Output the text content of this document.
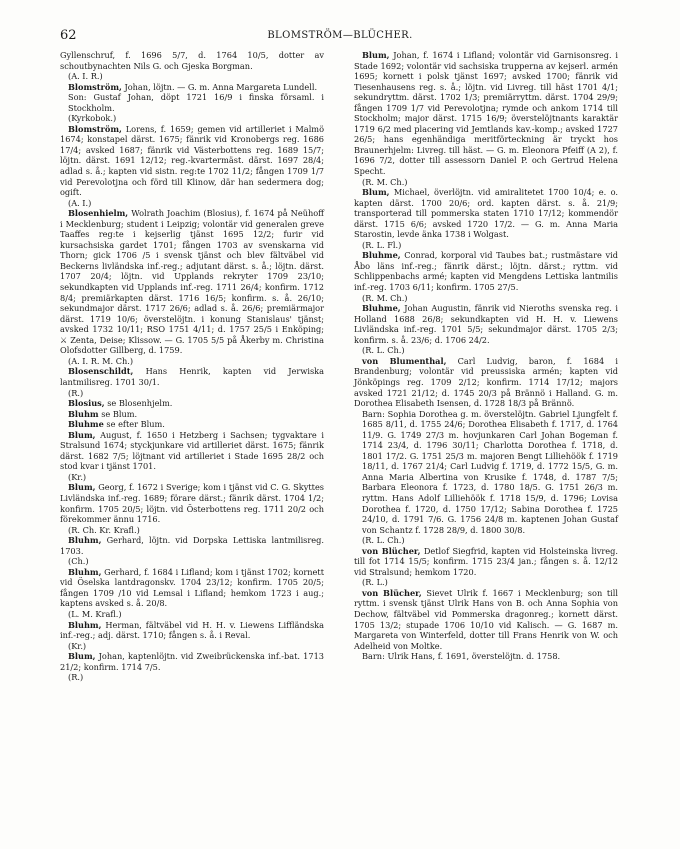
62	BLOMSTRÖM—BLÜCHER.

Gyllenschruf, f. 1696 5/7, d. 1764 10/5, dotter av schoutbynachten Nils G. och Gjeska Borgman.

(A. I. R.)

Blomström, Johan, löjtn. — G. m. Anna Margareta Lundell.

Son: Gustaf Johan, döpt 1721 16/9 i finska församl. i Stockholm.

(Kyrkobok.)

Blomström, Lorens, f. 1659; gemen vid artilleriet i Malmö 1674; konstapel därst. 1675; fänrik vid Kronobergs reg. 1686 17/4; avsked 1687; fänrik vid Västerbottens reg. 1689 15/7; löjtn. därst. 1691 12/12; reg.-kvartermäst. därst. 1697 28/4; adlad s. å.; kapten vid sistn. reg:te 1702 11/2; fången 1709 1/7 vid Perevolotjna och förd till Klinow, där han sedermera dog; ogift.

(A. I.)

Blosenhielm, Wolrath Joachim (Blosius), f. 1674 på Neühoff i Mecklenburg; student i Leipzig; volontär vid generalen greve Taaffes reg:te i kejserlig tjänst 1695 12/2; furir vid kursachsiska gardet 1701; fången 1703 av svenskarna vid Thorn; gick 1706 /5 i svensk tjänst och blev fältväbel vid Beckerns livländska inf.-reg.; adjutant därst. s. å.; löjtn. därst. 1707 20/4; löjtn. vid Upplands rekryter 1709 23/10; sekundkapten vid Upplands inf.-reg. 1711 26/4; konfirm. 1712 8/4; premiärkapten därst. 1716 16/5; konfirm. s. å. 26/10; sekundmajor därst. 1717 26/6; adlad s. å. 26/6; premiärmajor därst. 1719 10/6; överstelöjtn. i konung Stanislaus' tjänst; avsked 1732 10/11; RSO 1751 4/11; d. 1757 25/5 i Enköping; ⚔ Zenta, Deise; Klissow. — G. 1705 5/5 på Åkerby m. Christina Olofsdotter Gillberg, d. 1759.

(A. I. R. M. Ch.)

Blosenschildt, Hans Henrik, kapten vid Jerwiska lantmilisreg. 1701 30/1.

(R.)

Blosius, se Blosenhjelm.

Bluhm se Blum.

Bluhme se efter Blum.

Blum, August, f. 1650 i Hetzberg i Sachsen; tygvaktare i Stralsund 1674; styckjunkare vid artilleriet därst. 1675; fänrik därst. 1682 7/5; löjtnant vid artilleriet i Stade 1695 28/2 och stod kvar i tjänst 1701.

(Kr.)

Blum, Georg, f. 1672 i Sverige; kom i tjänst vid C. G. Skyttes Livländska inf.-reg. 1689; förare därst.; fänrik därst. 1704 1/2; konfirm. 1705 20/5; löjtn. vid Österbottens reg. 1711 20/2 och förekommer ännu 1716.

(R. Ch. Kr. Krafl.)

Bluhm, Gerhard, löjtn. vid Dorpska Lettiska lantmilisreg. 1703.

(Ch.)

Bluhm, Gerhard, f. 1684 i Lifland; kom i tjänst 1702; kornett vid Öselska lantdragonskv. 1704 23/12; konfirm. 1705 20/5; fången 1709 /10 vid Lemsal i Lifland; hemkom 1723 i aug.; kaptens avsked s. å. 20/8.

(L. M. Krafl.)

Bluhm, Herman, fältväbel vid H. H. v. Liewens Liffländska inf.-reg.; adj. därst. 1710; fången s. å. i Reval.

(Kr.)

Blum, Johan, kaptenlöjtn. vid Zweibrückenska inf.-bat. 1713 21/2; konfirm. 1714 7/5.

(R.)

Blum, Johan, f. 1674 i Lifland; volontär vid Garnisonsreg. i Stade 1692; volontär vid sachsiska trupperna av kejserl. armén 1695; kornett i polsk tjänst 1697; avsked 1700; fänrik vid Tiesenhausens reg. s. å.; löjtn. vid Livreg. till häst 1701 4/1; sekundryttm. därst. 1702 1/3; premiärryttm. därst. 1704 29/9; fången 1709 1/7 vid Perevolotjna; rymde och ankom 1714 till Stockholm; major därst. 1715 16/9; överstelöjtnants karaktär 1719 6/2 med placering vid Jemtlands kav.-komp.; avsked 1727 26/5; hans egenhändiga meritförteckning är tryckt hos Braunerhjelm: Livreg. till häst. — G. m. Eleonora Pfeiff (A 2), f. 1696 7/2, dotter till assessorn Daniel P. och Gertrud Helena Specht.

(R. M. Ch.)

Blum, Michael, överlöjtn. vid amiralitetet 1700 10/4; e. o. kapten därst. 1700 20/6; ord. kapten därst. s. å. 21/9; transporterad till pommerska staten 1710 17/12; kommendör därst. 1715 6/6; avsked 1720 17/2. — G. m. Anna Maria Starostin, levde änka 1738 i Wolgast.

(R. L. Fl.)

Bluhme, Conrad, korporal vid Taubes bat.; rustmästare vid Åbo läns inf.-reg.; fänrik därst.; löjtn. därst.; ryttm. vid Schlippenbachs armé; kapten vid Mengdens Lettiska lantmilis inf.-reg. 1703 6/11; konfirm. 1705 27/5.

(R. M. Ch.)

Bluhme, Johan Augustin, fänrik vid Nieroths svenska reg. i Holland 1688 26/8; sekundkapten vid H. H. v. Liewens Livländska inf.-reg. 1701 5/5; sekundmajor därst. 1705 2/3; konfirm. s. å. 23/6; d. 1706 24/2.

(R. L. Ch.)

von Blumenthal, Carl Ludvig, baron, f. 1684 i Brandenburg; volontär vid preussiska armén; kapten vid Jönköpings reg. 1709 2/12; konfirm. 1714 17/12; majors avsked 1721 21/12; d. 1745 20/3 på Brännö i Halland. G. m. Dorothea Elisabeth Isensen, d. 1728 18/3 på Brännö.

Barn: Sophia Dorothea g. m. överstelöjtn. Gabriel Ljungfelt f. 1685 8/11, d. 1755 24/6; Dorothea Elisabeth f. 1717, d. 1764 11/9. G. 1749 27/3 m. hovjunkaren Carl Johan Bogeman f. 1714 23/4, d. 1796 30/11; Charlotta Dorothea f. 1718, d. 1801 17/2. G. 1751 25/3 m. majoren Bengt Lilliehöök f. 1719 18/11, d. 1767 21/4; Carl Ludvig f. 1719, d. 1772 15/5, G. m. Anna Maria Albertina von Krusike f. 1748, d. 1787 7/5; Barbara Eleonora f. 1723, d. 1780 18/5. G. 1751 26/3 m. ryttm. Hans Adolf Lilliehöök f. 1718 15/9, d. 1796; Lovisa Dorothea f. 1720, d. 1750 17/12; Sabina Dorothea f. 1725 24/10, d. 1791 7/6. G. 1756 24/8 m. kaptenen Johan Gustaf von Schantz f. 1728 28/9, d. 1800 30/8.

(R. L. Ch.)

von Blücher, Detlof Siegfrid, kapten vid Holsteinska livreg. till fot 1714 15/5; konfirm. 1715 23/4 jan.; fången s. å. 12/12 vid Stralsund; hemkom 1720.

(R. L.)

von Blücher, Sievet Ulrik f. 1667 i Mecklenburg; son till ryttm. i svensk tjänst Ulrik Hans von B. och Anna Sophia von Dechow, fältväbel vid Pommerska dragonreg.; kornett därst. 1705 13/2; stupade 1706 10/10 vid Kalisch. — G. 1687 m. Margareta von Winterfeld, dotter till Frans Henrik von W. och Adelheid von Moltke.

Barn: Ulrik Hans, f. 1691, överstelöjtn. d. 1758.
